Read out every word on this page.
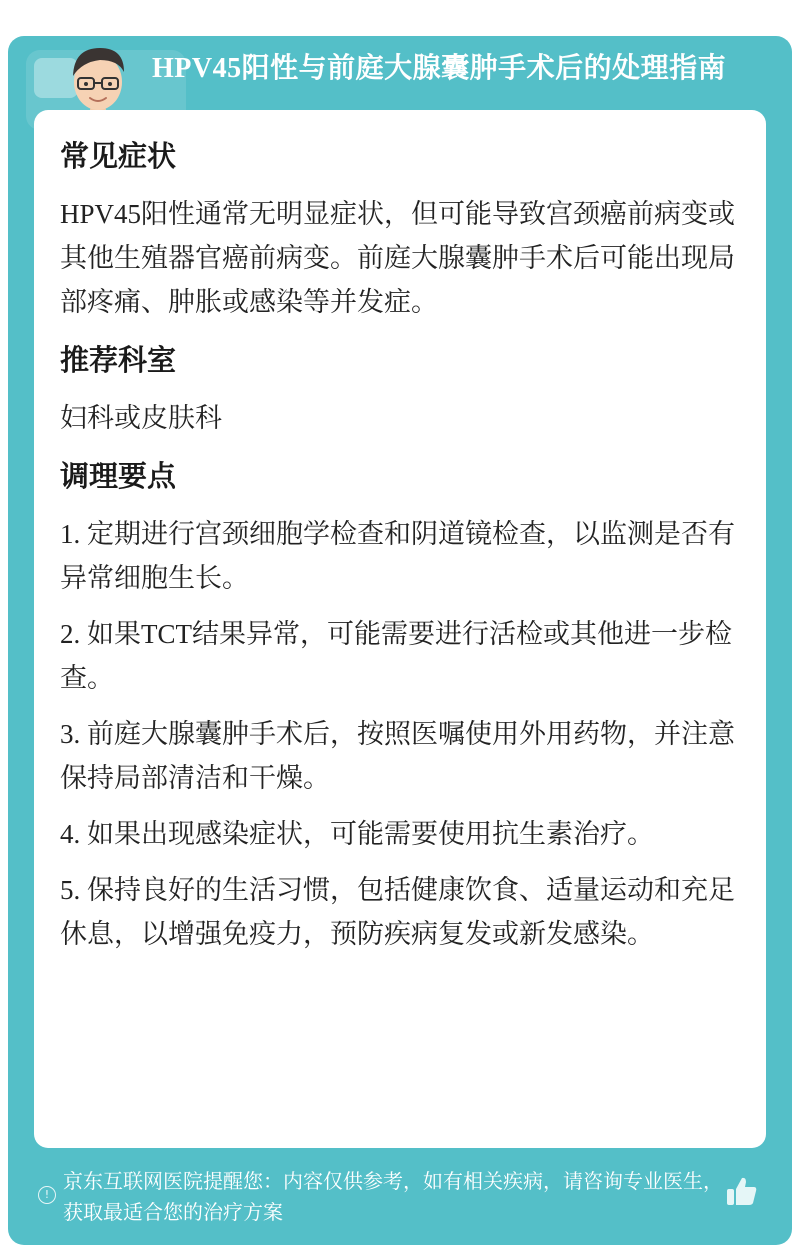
HPV45阳性与前庭大腺囊肿手术后的处理指南
常见症状

HPV45阳性通常无明显症状，但可能导致宫颈癌前病变或其他生殖器官癌前病变。前庭大腺囊肿手术后可能出现局部疼痛、肿胀或感染等并发症。

推荐科室

妇科或皮肤科

调理要点

1. 定期进行宫颈细胞学检查和阴道镜检查，以监测是否有异常细胞生长。

2. 如果TCT结果异常，可能需要进行活检或其他进一步检查。

3. 前庭大腺囊肿手术后，按照医嘱使用外用药物，并注意保持局部清洁和干燥。

4. 如果出现感染症状，可能需要使用抗生素治疗。

5. 保持良好的生活习惯，包括健康饮食、适量运动和充足休息，以增强免疫力，预防疾病复发或新发感染。

!
京东互联网医院提醒您：内容仅供参考，如有相关疾病，请咨询专业医生，获取最适合您的治疗方案
